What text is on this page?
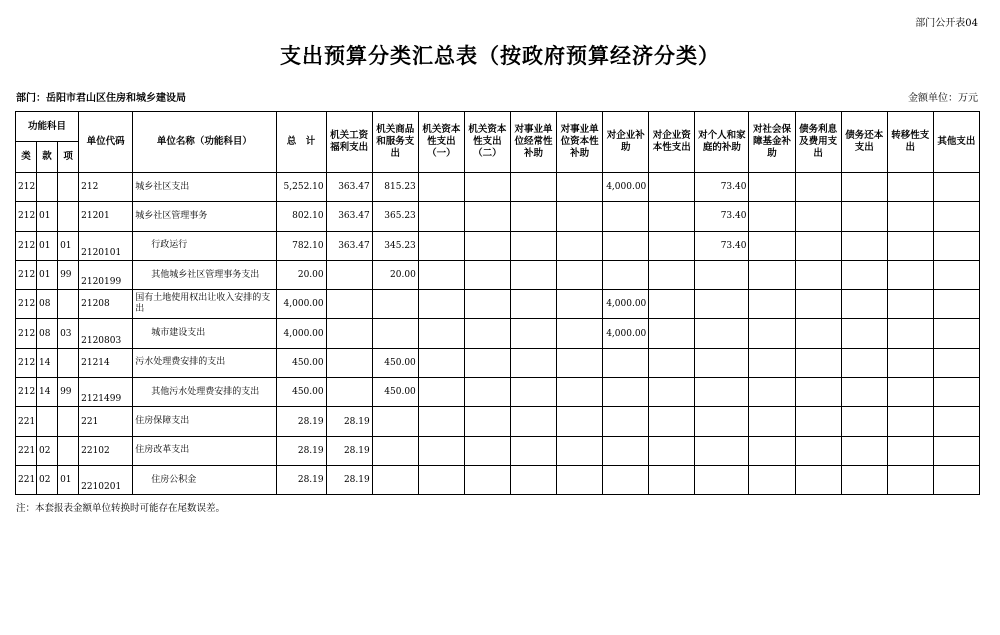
部门公开表04
支出预算分类汇总表（按政府预算经济分类）
部门：岳阳市君山区住房和城乡建设局	金额单位：万元
功能科目			单位代码	单位名称（功能科目）	总　计	机关工资福利支出	机关商品和服务支出	机关资本性支出（一）	机关资本性支出（二）	对事业单位经常性补助	对事业单位资本性补助	对企业补助	对企业资本性支出	对个人和家庭的补助	对社会保障基金补助	债务利息及费用支出	债务还本支出	转移性支出	其他支出
类	款	项																	
212			212	城乡社区支出	5,252.10	363.47	815.23					4,000.00		73.40					
212	01		21201	城乡社区管理事务	802.10	363.47	365.23							73.40					
212	01	01	2120101	行政运行	782.10	363.47	345.23							73.40					
212	01	99	2120199	其他城乡社区管理事务支出	20.00		20.00												
212	08		21208	国有土地使用权出让收入安排的支出	4,000.00							4,000.00							
212	08	03	2120803	城市建设支出	4,000.00							4,000.00							
212	14		21214	污水处理费安排的支出	450.00		450.00												
212	14	99	2121499	其他污水处理费安排的支出	450.00		450.00												
221			221	住房保障支出	28.19	28.19													
221	02		22102	住房改革支出	28.19	28.19													
221	02	01	2210201	住房公积金	28.19	28.19													
注：本套报表金额单位转换时可能存在尾数误差。
